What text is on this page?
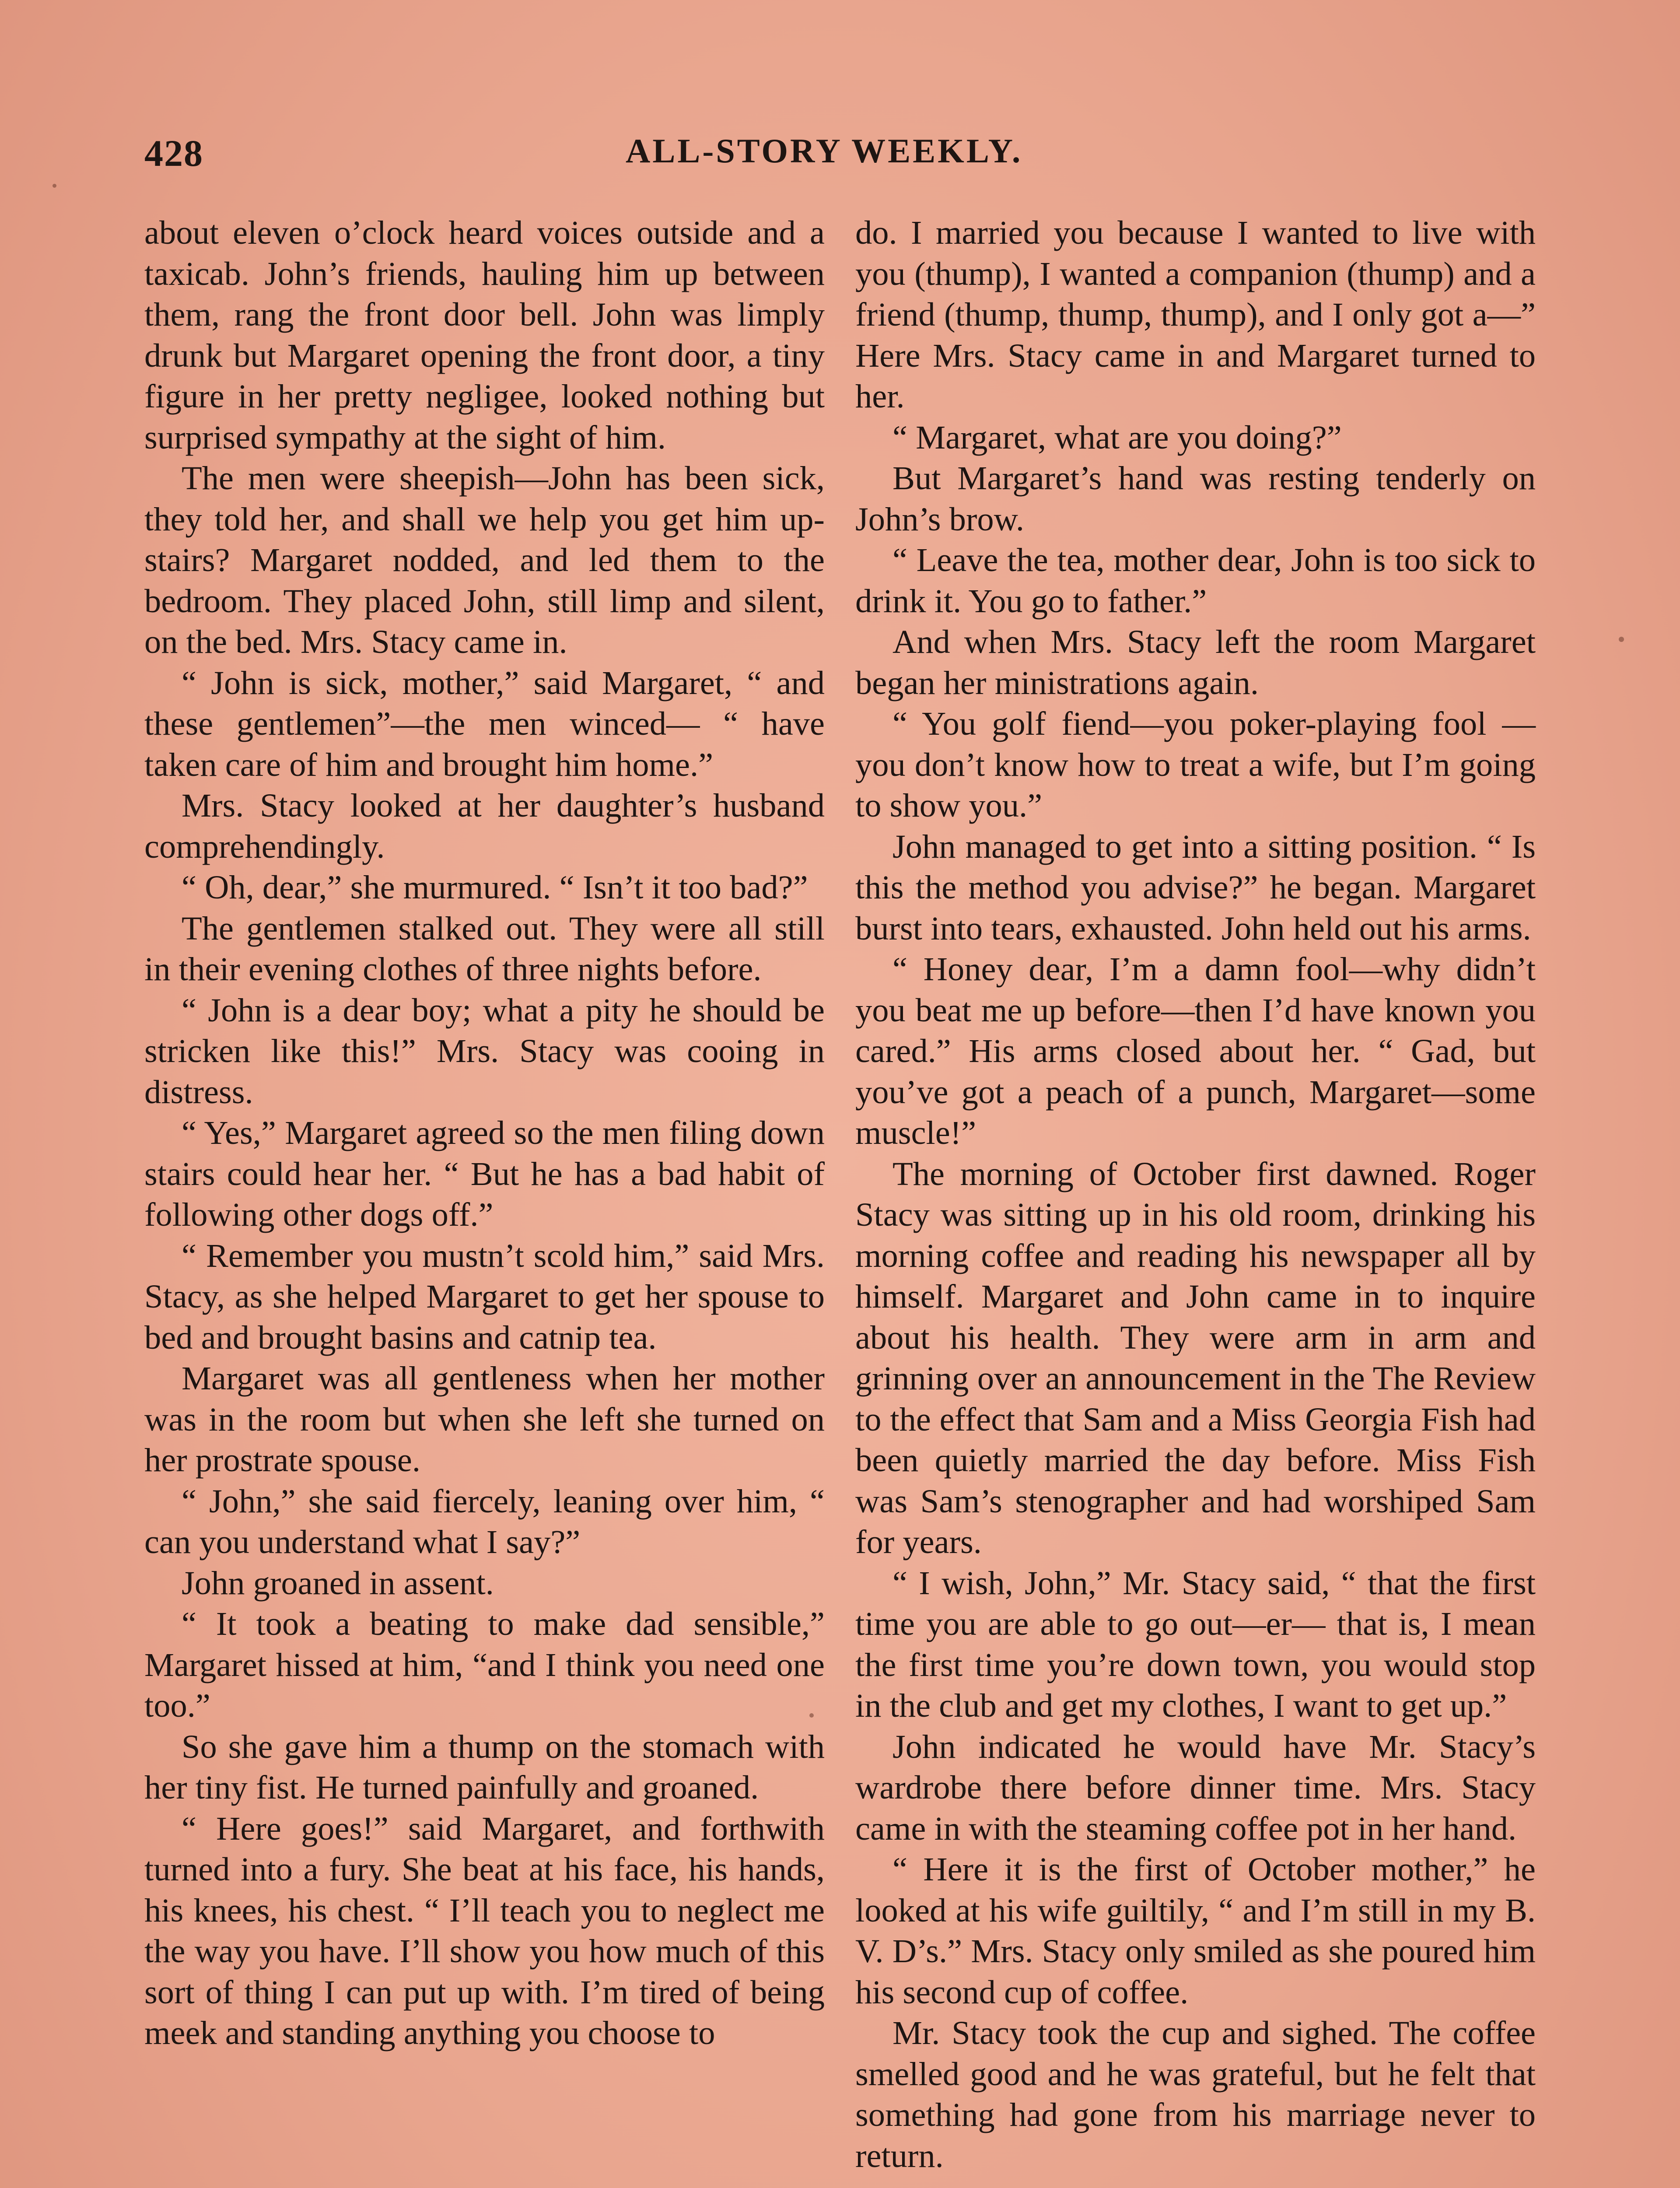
428	ALL-STORY WEEKLY.

about eleven o’clock heard voices outside and a taxicab. John’s friends, hauling him up between them, rang the front door bell. John was limply drunk but Margaret opening the front door, a tiny figure in her pretty negligee, looked nothing but surprised sympathy at the sight of him.

The men were sheepish—John has been sick, they told her, and shall we help you get him up-stairs? Margaret nodded, and led them to the bedroom. They placed John, still limp and silent, on the bed. Mrs. Stacy came in.

“ John is sick, mother,” said Margaret, “ and these gentlemen”—the men winced— “ have taken care of him and brought him home.”

Mrs. Stacy looked at her daughter’s husband comprehendingly.

“ Oh, dear,” she murmured. “ Isn’t it too bad?”

The gentlemen stalked out. They were all still in their evening clothes of three nights before.

“ John is a dear boy; what a pity he should be stricken like this!” Mrs. Stacy was cooing in distress.

“ Yes,” Margaret agreed so the men filing down stairs could hear her. “ But he has a bad habit of following other dogs off.”

“ Remember you mustn’t scold him,” said Mrs. Stacy, as she helped Margaret to get her spouse to bed and brought basins and catnip tea.

Margaret was all gentleness when her mother was in the room but when she left she turned on her prostrate spouse.

“ John,” she said fiercely, leaning over him, “ can you understand what I say?”

John groaned in assent.

“ It took a beating to make dad sensible,” Margaret hissed at him, “and I think you need one too.”

So she gave him a thump on the stomach with her tiny fist. He turned painfully and groaned.

“ Here goes!” said Margaret, and forthwith turned into a fury. She beat at his face, his hands, his knees, his chest. “ I’ll teach you to neglect me the way you have. I’ll show you how much of this sort of thing I can put up with. I’m tired of being meek and standing anything you choose to

do. I married you because I wanted to live with you (thump), I wanted a companion (thump) and a friend (thump, thump, thump), and I only got a—” Here Mrs. Stacy came in and Margaret turned to her.

“ Margaret, what are you doing?”

But Margaret’s hand was resting tenderly on John’s brow.

“ Leave the tea, mother dear, John is too sick to drink it. You go to father.”

And when Mrs. Stacy left the room Margaret began her ministrations again.

“ You golf fiend—you poker-playing fool —you don’t know how to treat a wife, but I’m going to show you.”

John managed to get into a sitting position. “ Is this the method you advise?” he began. Margaret burst into tears, exhausted. John held out his arms.

“ Honey dear, I’m a damn fool—why didn’t you beat me up before—then I’d have known you cared.” His arms closed about her. “ Gad, but you’ve got a peach of a punch, Margaret—some muscle!”

The morning of October first dawned. Roger Stacy was sitting up in his old room, drinking his morning coffee and reading his newspaper all by himself. Margaret and John came in to inquire about his health. They were arm in arm and grinning over an announcement in the The Review to the effect that Sam and a Miss Georgia Fish had been quietly married the day before. Miss Fish was Sam’s stenographer and had worshiped Sam for years.

“ I wish, John,” Mr. Stacy said, “ that the first time you are able to go out—er— that is, I mean the first time you’re down town, you would stop in the club and get my clothes, I want to get up.”

John indicated he would have Mr. Stacy’s wardrobe there before dinner time. Mrs. Stacy came in with the steaming coffee pot in her hand.

“ Here it is the first of October mother,” he looked at his wife guiltily, “ and I’m still in my B. V. D’s.” Mrs. Stacy only smiled as she poured him his second cup of coffee.

Mr. Stacy took the cup and sighed. The coffee smelled good and he was grateful, but he felt that something had gone from his marriage never to return.
